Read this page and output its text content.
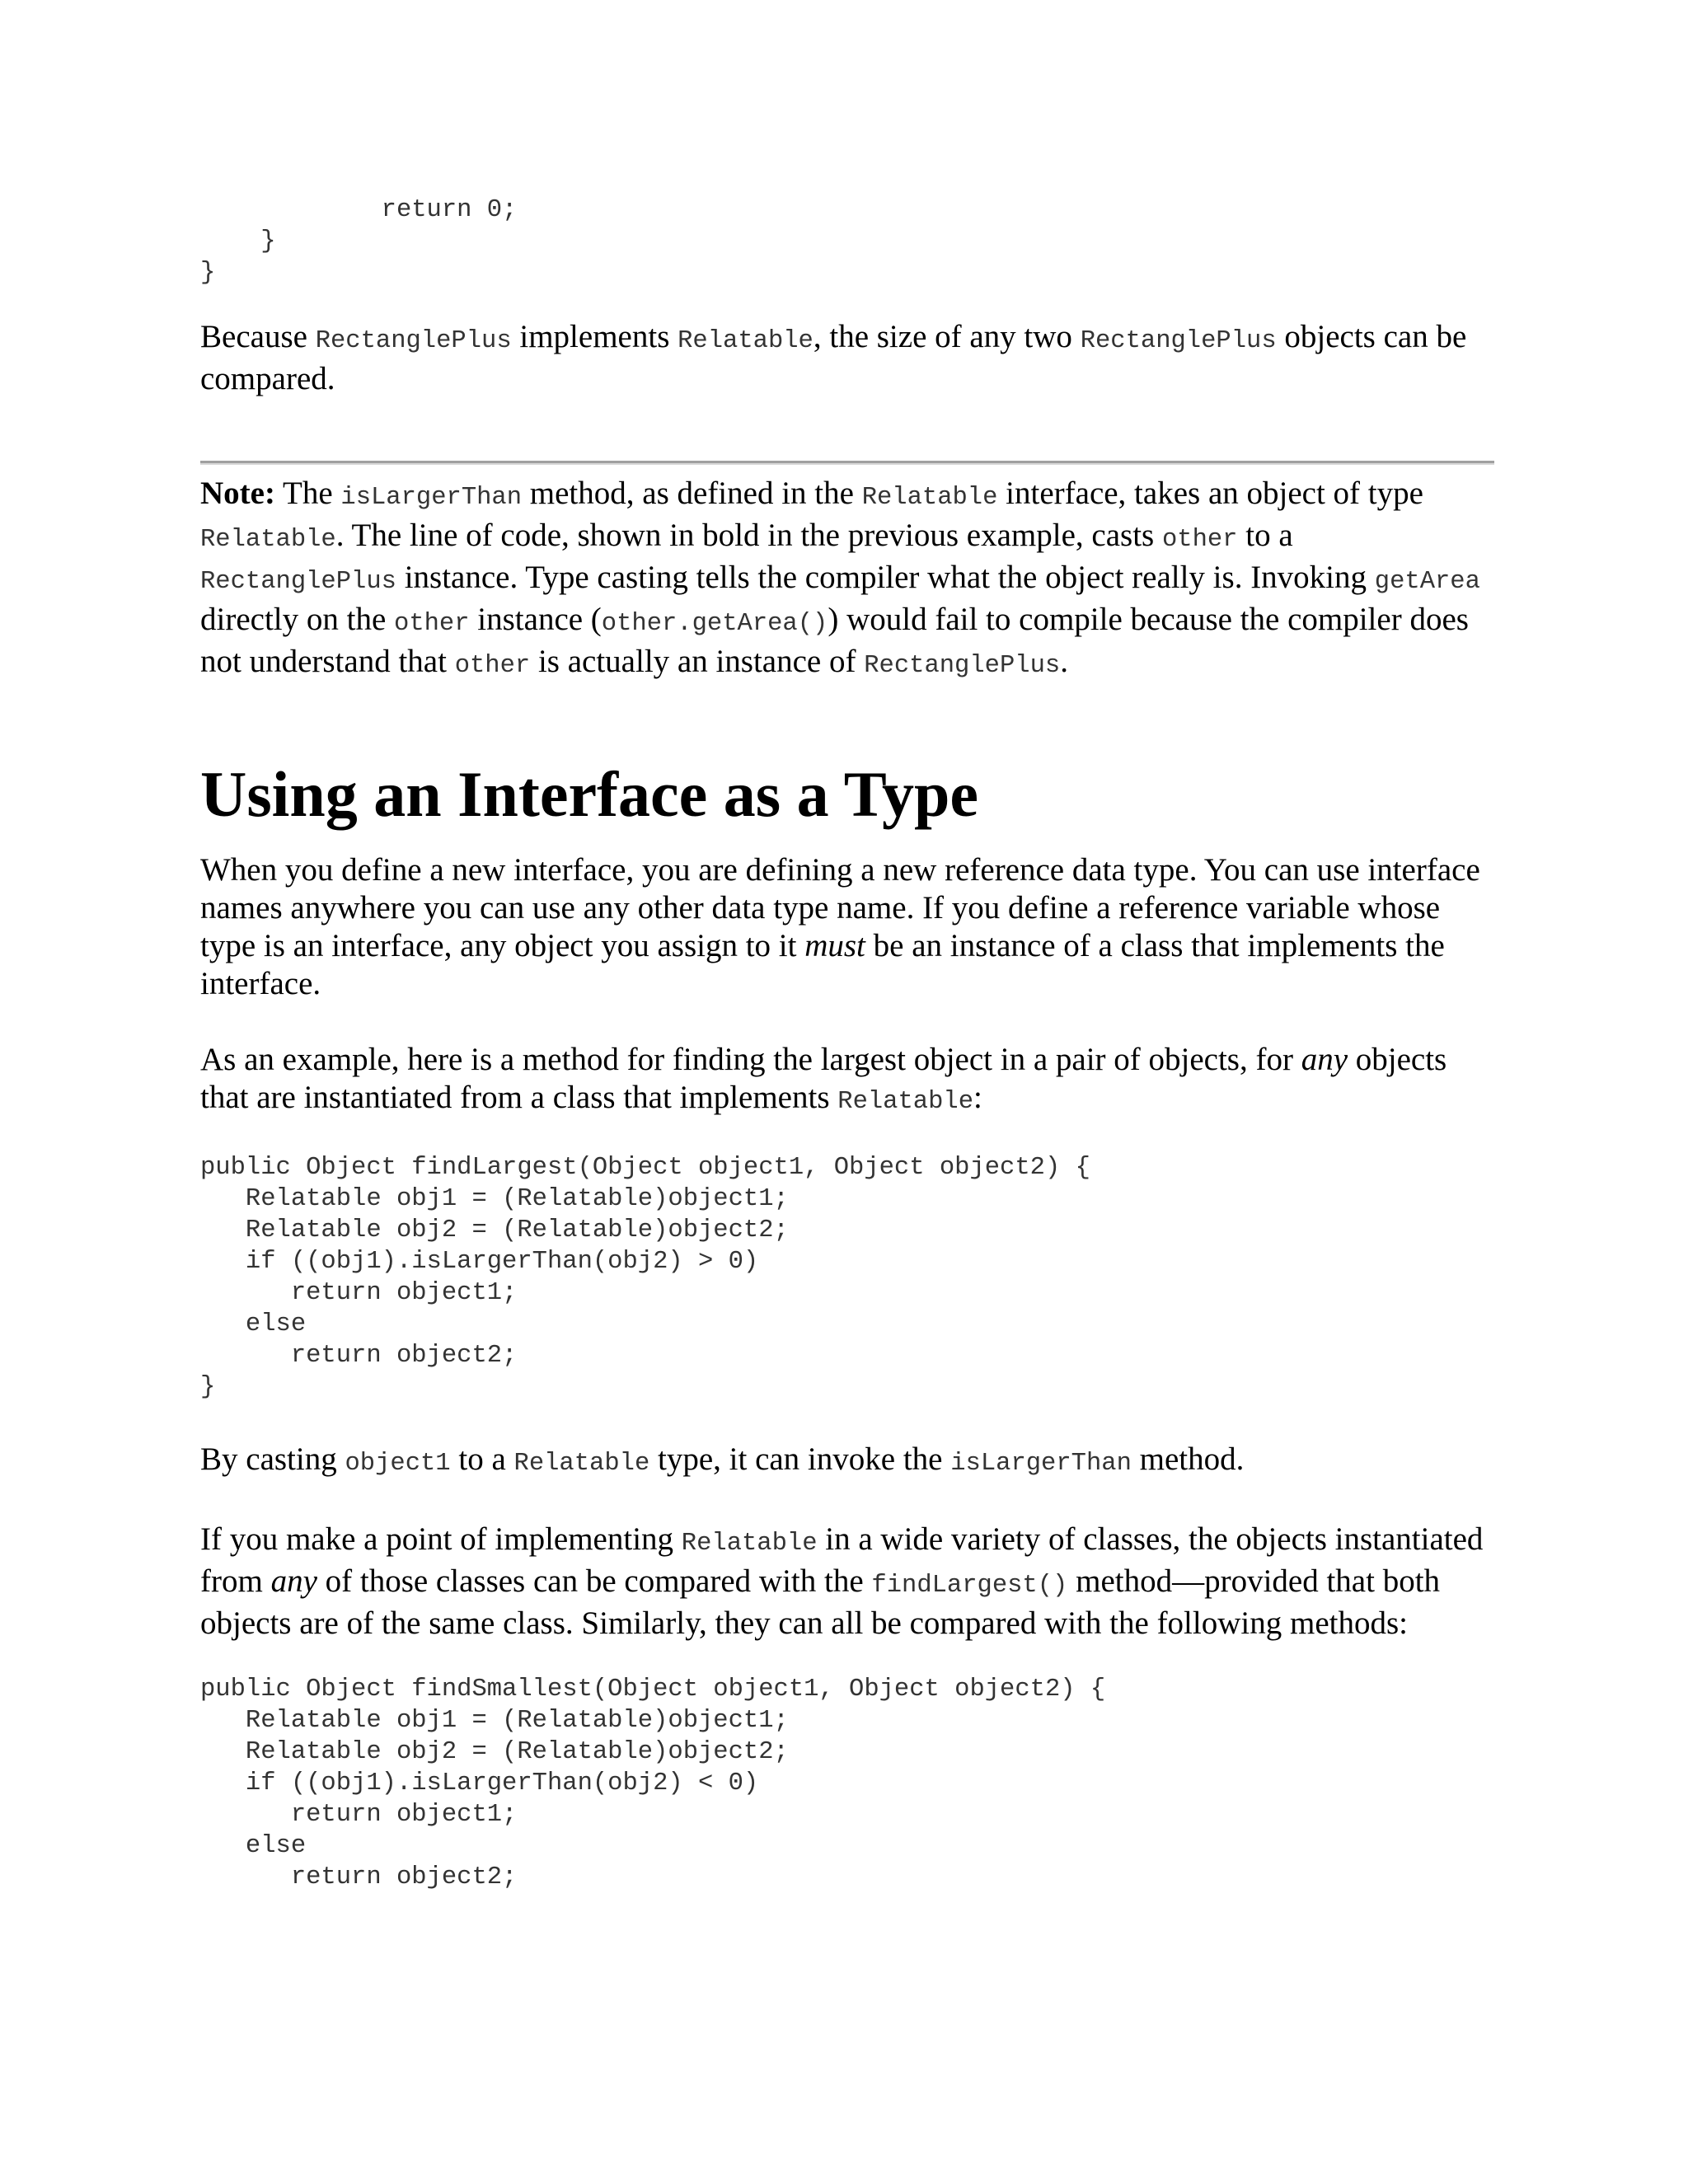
return 0;
}
}

Because RectanglePlus implements Relatable, the size of any two RectanglePlus objects can be compared.

Note: The isLargerThan method, as defined in the Relatable interface, takes an object of type Relatable. The line of code, shown in bold in the previous example, casts other to a RectanglePlus instance. Type casting tells the compiler what the object really is. Invoking getArea directly on the other instance (other.getArea()) would fail to compile because the compiler does not understand that other is actually an instance of RectanglePlus.

Using an Interface as a Type

When you define a new interface, you are defining a new reference data type. You can use interface names anywhere you can use any other data type name. If you define a reference variable whose type is an interface, any object you assign to it must be an instance of a class that implements the interface.

As an example, here is a method for finding the largest object in a pair of objects, for any objects that are instantiated from a class that implements Relatable:

public Object findLargest(Object object1, Object object2) {
Relatable obj1 = (Relatable)object1;
Relatable obj2 = (Relatable)object2;
if ((obj1).isLargerThan(obj2) > 0)
return object1;
else
return object2;
}

By casting object1 to a Relatable type, it can invoke the isLargerThan method.

If you make a point of implementing Relatable in a wide variety of classes, the objects instantiated from any of those classes can be compared with the findLargest() method—provided that both objects are of the same class. Similarly, they can all be compared with the following methods:

public Object findSmallest(Object object1, Object object2) {
Relatable obj1 = (Relatable)object1;
Relatable obj2 = (Relatable)object2;
if ((obj1).isLargerThan(obj2) < 0)
return object1;
else
return object2;
